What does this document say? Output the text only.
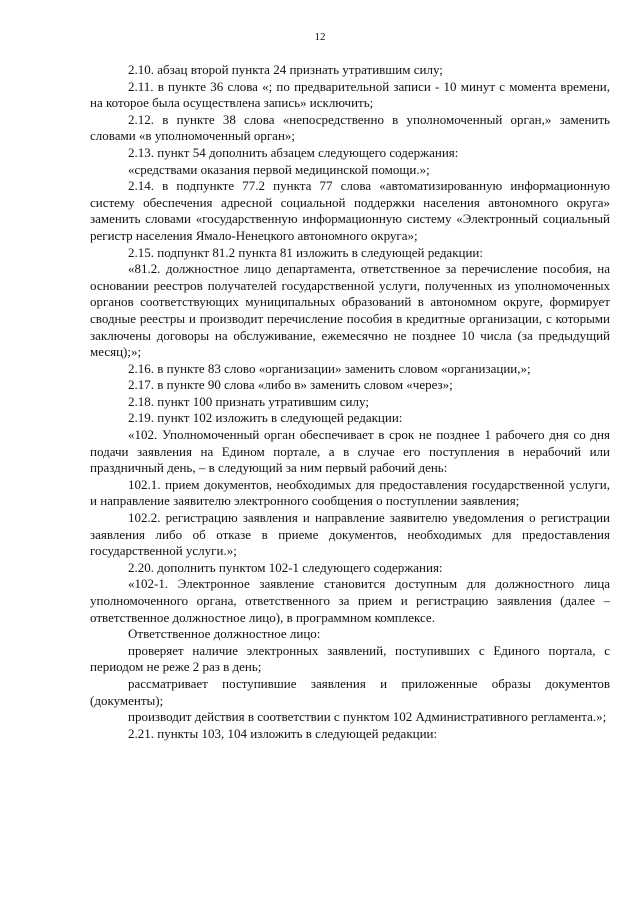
12

2.10. абзац второй пункта 24 признать утратившим силу;

2.11. в пункте 36 слова «; по предварительной записи - 10 минут с момента времени, на которое была осуществлена запись» исключить;

2.12. в пункте 38 слова «непосредственно в уполномоченный орган,» заменить словами «в уполномоченный орган»;

2.13. пункт 54 дополнить абзацем следующего содержания:

«средствами оказания первой медицинской помощи.»;

2.14. в подпункте 77.2 пункта 77 слова «автоматизированную информационную систему обеспечения адресной социальной поддержки населения автономного округа» заменить словами «государственную информационную систему «Электронный социальный регистр населения Ямало-Ненецкого автономного округа»;

2.15. подпункт 81.2 пункта 81 изложить в следующей редакции:

«81.2. должностное лицо департамента, ответственное за перечисление пособия, на основании реестров получателей государственной услуги, полученных из уполномоченных органов соответствующих муниципальных образований в автономном округе, формирует сводные реестры и производит перечисление пособия в кредитные организации, с которыми заключены договоры на обслуживание, ежемесячно не позднее 10 числа (за предыдущий месяц);»;

2.16. в пункте 83 слово «организации» заменить словом «организации,»;

2.17. в пункте 90 слова «либо в» заменить словом «через»;

2.18. пункт 100 признать утратившим силу;

2.19. пункт 102 изложить в следующей редакции:

«102. Уполномоченный орган обеспечивает в срок не позднее 1 рабочего дня со дня подачи заявления на Едином портале, а в случае его поступления в нерабочий или праздничный день, – в следующий за ним первый рабочий день:

102.1. прием документов, необходимых для предоставления государственной услуги, и направление заявителю электронного сообщения о поступлении заявления;

102.2. регистрацию заявления и направление заявителю уведомления о регистрации заявления либо об отказе в приеме документов, необходимых для предоставления государственной услуги.»;

2.20. дополнить пунктом 102-1 следующего содержания:

«102-1. Электронное заявление становится доступным для должностного лица уполномоченного органа, ответственного за прием и регистрацию заявления (далее – ответственное должностное лицо), в программном комплексе.

Ответственное должностное лицо:

проверяет наличие электронных заявлений, поступивших с Единого портала, с периодом не реже 2 раз в день;

рассматривает поступившие заявления и приложенные образы документов (документы);

производит действия в соответствии с пунктом 102 Административного регламента.»;

2.21. пункты 103, 104 изложить в следующей редакции:
